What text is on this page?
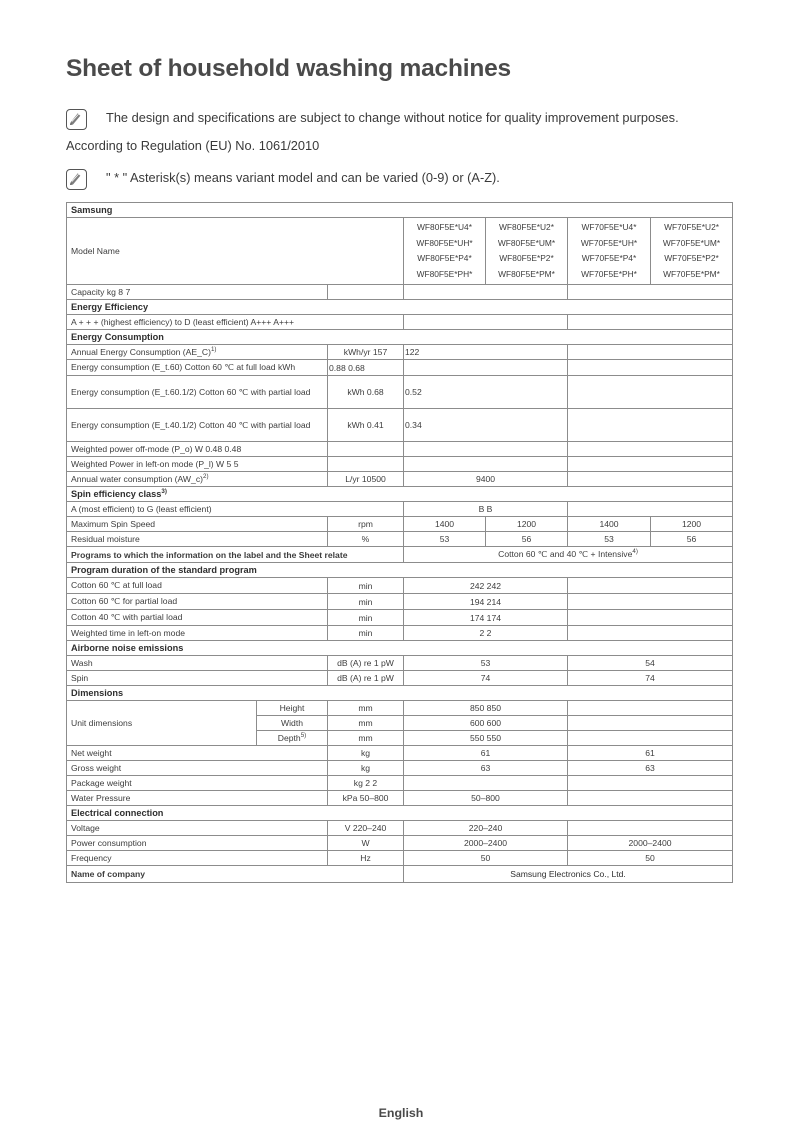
Sheet of household washing machines
The design and specifications are subject to change without notice for quality improvement purposes.
According to Regulation (EU) No. 1061/2010
" * " Asterisk(s) means variant model and can be varied (0-9) or (A-Z).
Samsung						
Model Name			WF80F5E*U4*
WF80F5E*UH*
WF80F5E*P4*
WF80F5E*PH*	WF80F5E*U2*
WF80F5E*UM*
WF80F5E*P2*
WF80F5E*PM*	WF70F5E*U4*
WF70F5E*UH*
WF70F5E*P4*
WF70F5E*PH*	WF70F5E*U2*
WF70F5E*UM*
WF70F5E*P2*
WF70F5E*PM*
Capacity kg 8 7						
Energy Efficiency						
A + + + (highest efficiency) to D (least efficient) A+++ A+++						
Energy Consumption						
Annual Energy Consumption (AE_C)$^{1)}$		kWh/yr 157 122				

Energy consumption (E_t.60) Cotton 60 ℃ at full load kWh 0.88 0.68						

Energy consumption (E_t.60.1/2) Cotton 60 ℃ with partial load		kWh 0.68 0.52				

Energy consumption (E_t.40.1/2) Cotton 40 ℃ with partial load		kWh 0.41 0.34				

Weighted power off-mode (P_o) W 0.48 0.48						
Weighted Power in left-on mode (P_l) W 5 5						
Annual water consumption (AW_c)$^{2)}$		L/yr 10500	9400			
Spin efficiency class$^{3)}$
A (most efficient) to G (least efficient)			B B			
Maximum Spin Speed		rpm	1400	1200	1400	1200
Residual moisture		%	53	56	53	56
Programs to which the information on the label and the Sheet relate			Cotton 60 ℃ and 40 ℃ + Intensive$^{4)}$
Program duration of the standard program						
Cotton 60 ℃ at full load		min	242 242			
Cotton 60 ℃ for partial load		min	194 214			
Cotton 40 ℃ with partial load		min	174 174			
Weighted time in left-on mode		min	2 2			
Airborne noise emissions						
Wash		dB (A) re 1 pW	53		54	
Spin		dB (A) re 1 pW	74		74	
Dimensions						
Unit dimensions	Height	mm	850 850			
	Width	mm	600 600			
	Depth$^{5)}$	mm	550 550			
Net weight		kg	61		61	
Gross weight		kg	63		63	
Package weight		kg 2 2				
Water Pressure		kPa 50–800	50–800			
Electrical connection						
Voltage		V 220–240	220–240			
Power consumption		W	2000–2400		2000–2400	
Frequency		Hz	50		50	
Name of company			Samsung Electronics Co., Ltd.			
English
